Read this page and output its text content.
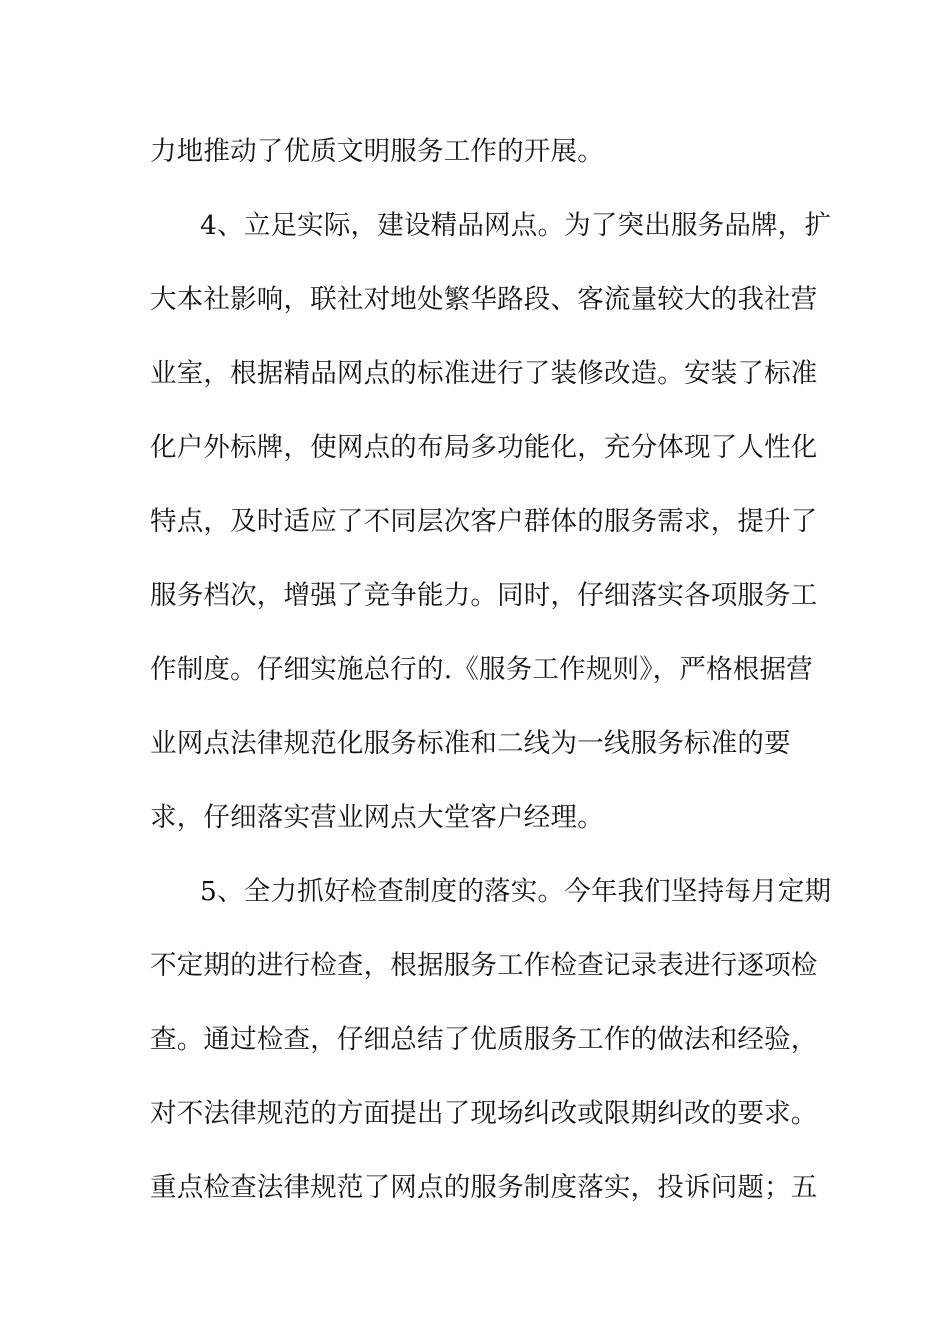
力地推动了优质文明服务工作的开展。
4、立足实际，建设精品网点。为了突出服务品牌，扩
大本社影响，联社对地处繁华路段、客流量较大的我社营
业室，根据精品网点的标准进行了装修改造。安装了标准
化户外标牌，使网点的布局多功能化，充分体现了人性化
特点，及时适应了不同层次客户群体的服务需求，提升了
服务档次，增强了竞争能力。同时，仔细落实各项服务工
作制度。仔细实施总行的.《服务工作规则》，严格根据营
业网点法律规范化服务标准和二线为一线服务标准的要
求，仔细落实营业网点大堂客户经理。
5、全力抓好检查制度的落实。今年我们坚持每月定期
不定期的进行检查，根据服务工作检查记录表进行逐项检
查。通过检查，仔细总结了优质服务工作的做法和经验，
对不法律规范的方面提出了现场纠改或限期纠改的要求。
重点检查法律规范了网点的服务制度落实，投诉问题；五
